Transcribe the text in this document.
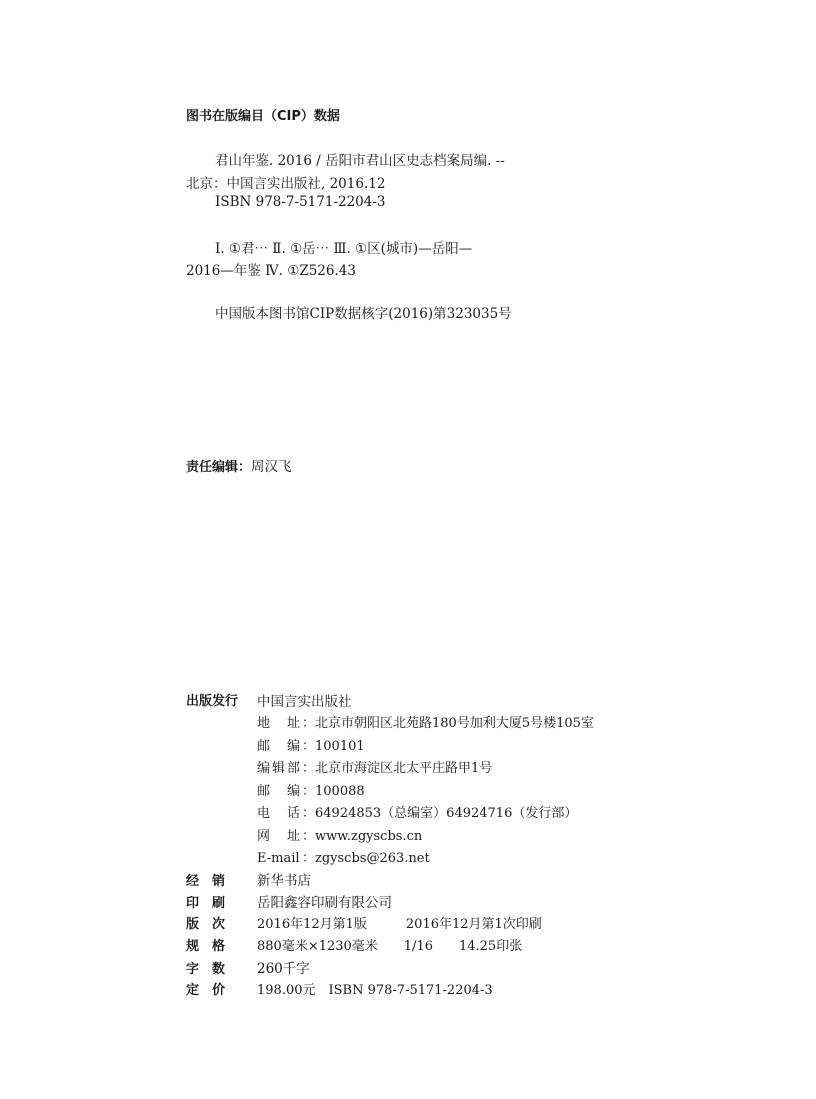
图书在版编目（CIP）数据
君山年鉴. 2016 / 岳阳市君山区史志档案局编. --
北京：中国言实出版社, 2016.12
ISBN 978-7-5171-2204-3
Ⅰ. ①君⋯ Ⅱ. ①岳⋯ Ⅲ. ①区(城市)—岳阳—
2016—年鉴 Ⅳ. ①Z526.43
中国版本图书馆CIP数据核字(2016)第323035号
责任编辑：周汉飞
出版发行 中国言实出版社
地　址：北京市朝阳区北苑路180号加利大厦5号楼105室
邮　编：100101
编辑部：北京市海淀区北太平庄路甲1号
邮　编：100088
电　话：64924853（总编室）64924716（发行部）
网　址：www.zgyscbs.cn
E-mail：zgyscbs@263.net
经　销 新华书店
印　刷 岳阳鑫容印刷有限公司
版　次 2016年12月第1版　　　2016年12月第1次印刷
规　格 880毫米×1230毫米　　1/16　　14.25印张
字　数 260千字
定　价 198.00元　ISBN 978-7-5171-2204-3
